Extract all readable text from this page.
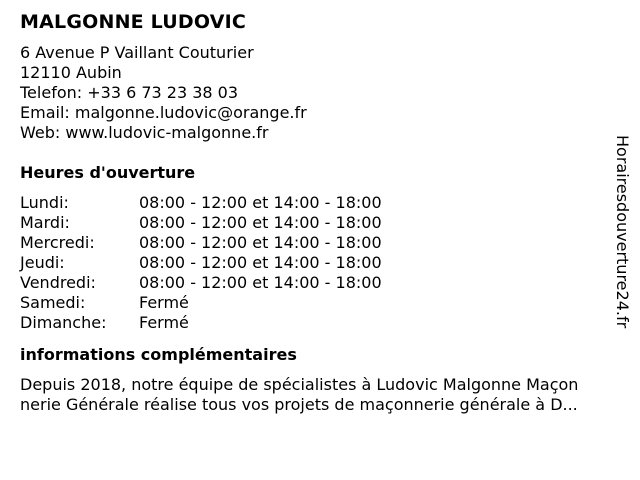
MALGONNE LUDOVIC
6 Avenue P Vaillant Couturier
12110 Aubin
Telefon: +33 6 73 23 38 03
Email: malgonne.ludovic@orange.fr
Web: www.ludovic-malgonne.fr
Heures d'ouverture
Lundi:	08:00 - 12:00 et 14:00 - 18:00
Mardi:	08:00 - 12:00 et 14:00 - 18:00
Mercredi:	08:00 - 12:00 et 14:00 - 18:00
Jeudi:	08:00 - 12:00 et 14:00 - 18:00
Vendredi:	08:00 - 12:00 et 14:00 - 18:00
Samedi:	Fermé
Dimanche: Fermé
informations complémentaires
Depuis 2018, notre équipe de spécialistes à Ludovic Malgonne Maçon
nerie Générale réalise tous vos projets de maçonnerie générale à D...
Horairesdouverture24.fr
